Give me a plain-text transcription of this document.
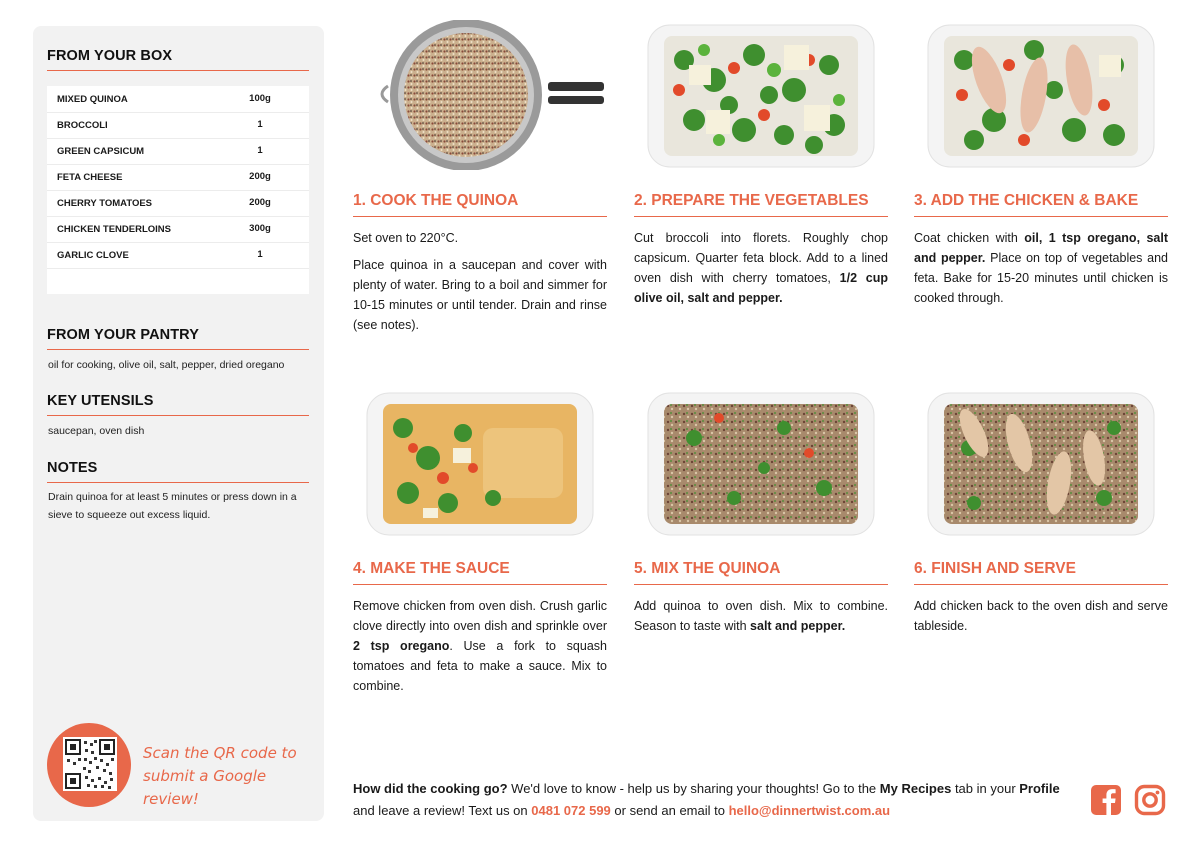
FROM YOUR BOX
MIXED QUINOA	100g
BROCCOLI	1
GREEN CAPSICUM	1
FETA CHEESE	200g
CHERRY TOMATOES	200g
CHICKEN TENDERLOINS	300g
GARLIC CLOVE	1
FROM YOUR PANTRY
oil for cooking, olive oil, salt, pepper, dried oregano
KEY UTENSILS
saucepan, oven dish
NOTES
Drain quinoa for at least 5 minutes or press down in a sieve to squeeze out excess liquid.
Scan the QR code to
submit a Google review!
1. COOK THE QUINOA

Set oven to 220°C.

Place quinoa in a saucepan and cover with plenty of water. Bring to a boil and simmer for 10-15 minutes or until tender. Drain and rinse (see notes).

2. PREPARE THE VEGETABLES

Cut broccoli into florets. Roughly chop capsicum. Quarter feta block. Add to a lined oven dish with cherry tomatoes, 1/2 cup olive oil, salt and pepper.

3. ADD THE CHICKEN & BAKE

Coat chicken with oil, 1 tsp oregano, salt and pepper. Place on top of vegetables and feta. Bake for 15-20 minutes until chicken is cooked through.

4. MAKE THE SAUCE

Remove chicken from oven dish. Crush garlic clove directly into oven dish and sprinkle over 2 tsp oregano. Use a fork to squash tomatoes and feta to make a sauce. Mix to combine.

5. MIX THE QUINOA

Add quinoa to oven dish. Mix to combine. Season to taste with salt and pepper.

6. FINISH AND SERVE

Add chicken back to the oven dish and serve tableside.

How did the cooking go? We'd love to know - help us by sharing your thoughts! Go to the My Recipes tab in your Profile and leave a review! Text us on 0481 072 599 or send an email to hello@dinnertwist.com.au
